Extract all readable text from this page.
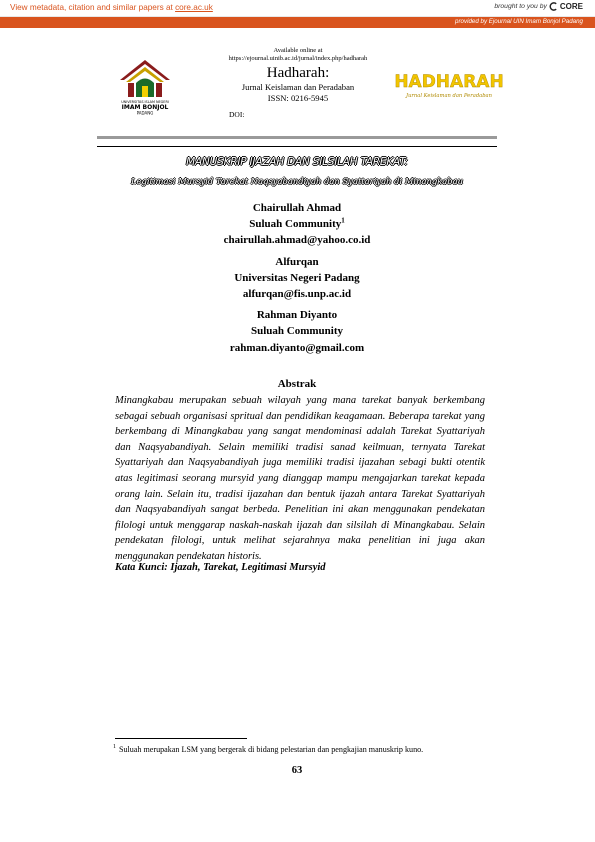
View metadata, citation and similar papers at core.ac.uk	brought to you by CORE
provided by Ejournal UIN Imam Bonjol Padang
UNIVERSITAS ISLAM NEGERI
IMAM BONJOL
PADANG
Available online at
https://ejournal.uinib.ac.id/jurnal/index.php/hadharah
Hadharah:
Jurnal Keislaman dan Peradaban
ISSN: 0216-5945
DOI:
HADHARAH
Jurnal Keislaman dan Peradaban
MANUSKRIP IJAZAH DAN SILSILAH TAREKAT:
Legitimasi Mursyid Tarekat Naqsyabandiyah dan Syattariyah di Minangkabau
Chairullah Ahmad
Suluah Community$^1$
chairullah.ahmad@yahoo.co.id
Alfurqan
Universitas Negeri Padang
alfurqan@fis.unp.ac.id
Rahman Diyanto
Suluah Community
rahman.diyanto@gmail.com
Abstrak
Minangkabau merupakan sebuah wilayah yang mana tarekat banyak berkembang sebagai sebuah organisasi spritual dan pendidikan keagamaan. Beberapa tarekat yang berkembang di Minangkabau yang sangat mendominasi adalah Tarekat Syattariyah dan Naqsyabandiyah. Selain memiliki tradisi sanad keilmuan, ternyata Tarekat Syattariyah dan Naqsyabandiyah juga memiliki tradisi ijazahan sebagi bukti otentik atas legitimasi seorang mursyid yang dianggap mampu mengajarkan tarekat kepada orang lain. Selain itu, tradisi ijazahan dan bentuk ijazah antara Tarekat Syattariyah dan Naqsyabandiyah sangat berbeda. Penelitian ini akan menggunakan pendekatan filologi untuk menggarap naskah-naskah ijazah dan silsilah di Minangkabau. Selain pendekatan filologi, untuk melihat sejarahnya maka penelitian ini juga akan menggunakan pendekatan historis.
Kata Kunci: Ijazah, Tarekat, Legitimasi Mursyid
$^1$ Suluah merupakan LSM yang bergerak di bidang pelestarian dan pengkajian manuskrip kuno.
63
